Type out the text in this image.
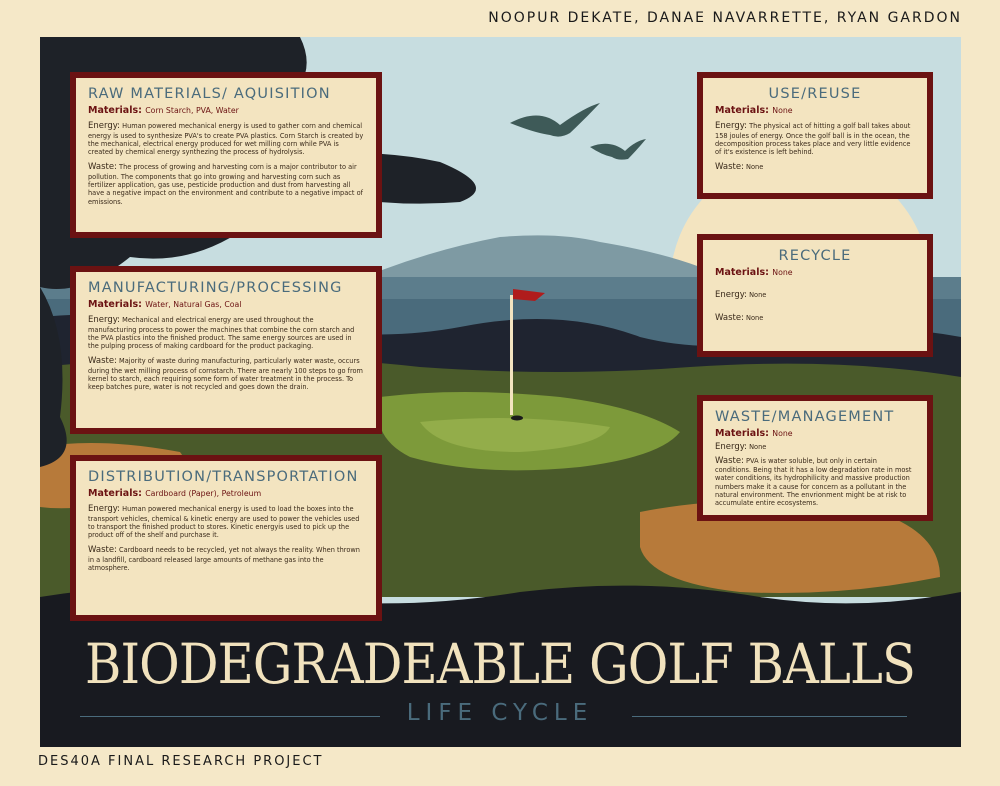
NOOPUR DEKATE, DANAE NAVARRETTE, RYAN GARDON
RAW MATERIALS/ AQUISITION
Materials: Corn Starch, PVA, Water

Energy: Human powered mechanical energy is used to gather corn and chemical energy is used to synthesize PVA's to create PVA plastics. Corn Starch is created by the mechanical, electrical energy produced for wet milling corn while PVA is created by chemical energy synthezing the process of hydrolysis.

Waste: The process of growing and harvesting corn is a major contributor to air pollution. The components that go into growing and harvesting corn such as fertilizer application, gas use, pesticide production and dust from harvesting all have a negative impact on the environment and contribute to a negative impact of emissions.

MANUFACTURING/PROCESSING
Materials: Water, Natural Gas, Coal

Energy: Mechanical and electrical energy are used throughout the manufacturing process to power the machines that combine the corn starch and the PVA plastics into the finished product. The same energy sources are used in the pulping process of making cardboard for the product packaging.

Waste: Majority of waste during manufacturing, particularly water waste, occurs during the wet milling process of cornstarch. There are nearly 100 steps to go from kernel to starch, each requiring some form of water treatment in the process. To keep batches pure, water is not recycled and goes down the drain.

DISTRIBUTION/TRANSPORTATION
Materials: Cardboard (Paper), Petroleum

Energy: Human powered mechanical energy is used to load the boxes into the transport vehicles, chemical & kinetic energy are used to power the vehicles used to transport the finished product to stores. Kinetic energyis used to pick up the product off of the shelf and purchase it.

Waste: Cardboard needs to be recycled, yet not always the reality. When thrown in a landfill, cardboard released large amounts of methane gas into the atmosphere.

USE/REUSE
Materials: None

Energy: The physical act of hitting a golf ball takes about 158 joules of energy. Once the golf ball is in the ocean, the decomposition process takes place and very little evidence of it's existence is left behind.

Waste: None

RECYCLE
Materials: None

Energy: None

Waste: None

WASTE/MANAGEMENT
Materials: None

Energy: None

Waste: PVA is water soluble, but only in certain conditions. Being that it has a low degradation rate in most water conditions, its hydrophilicity and massive production numbers make it a cause for concern as a pollutant in the natural environment. The envrionment might be at risk to accumulate entire ecosystems.

BIODEGRADEABLE GOLF BALLS
LIFE CYCLE
DES40A FINAL RESEARCH PROJECT
